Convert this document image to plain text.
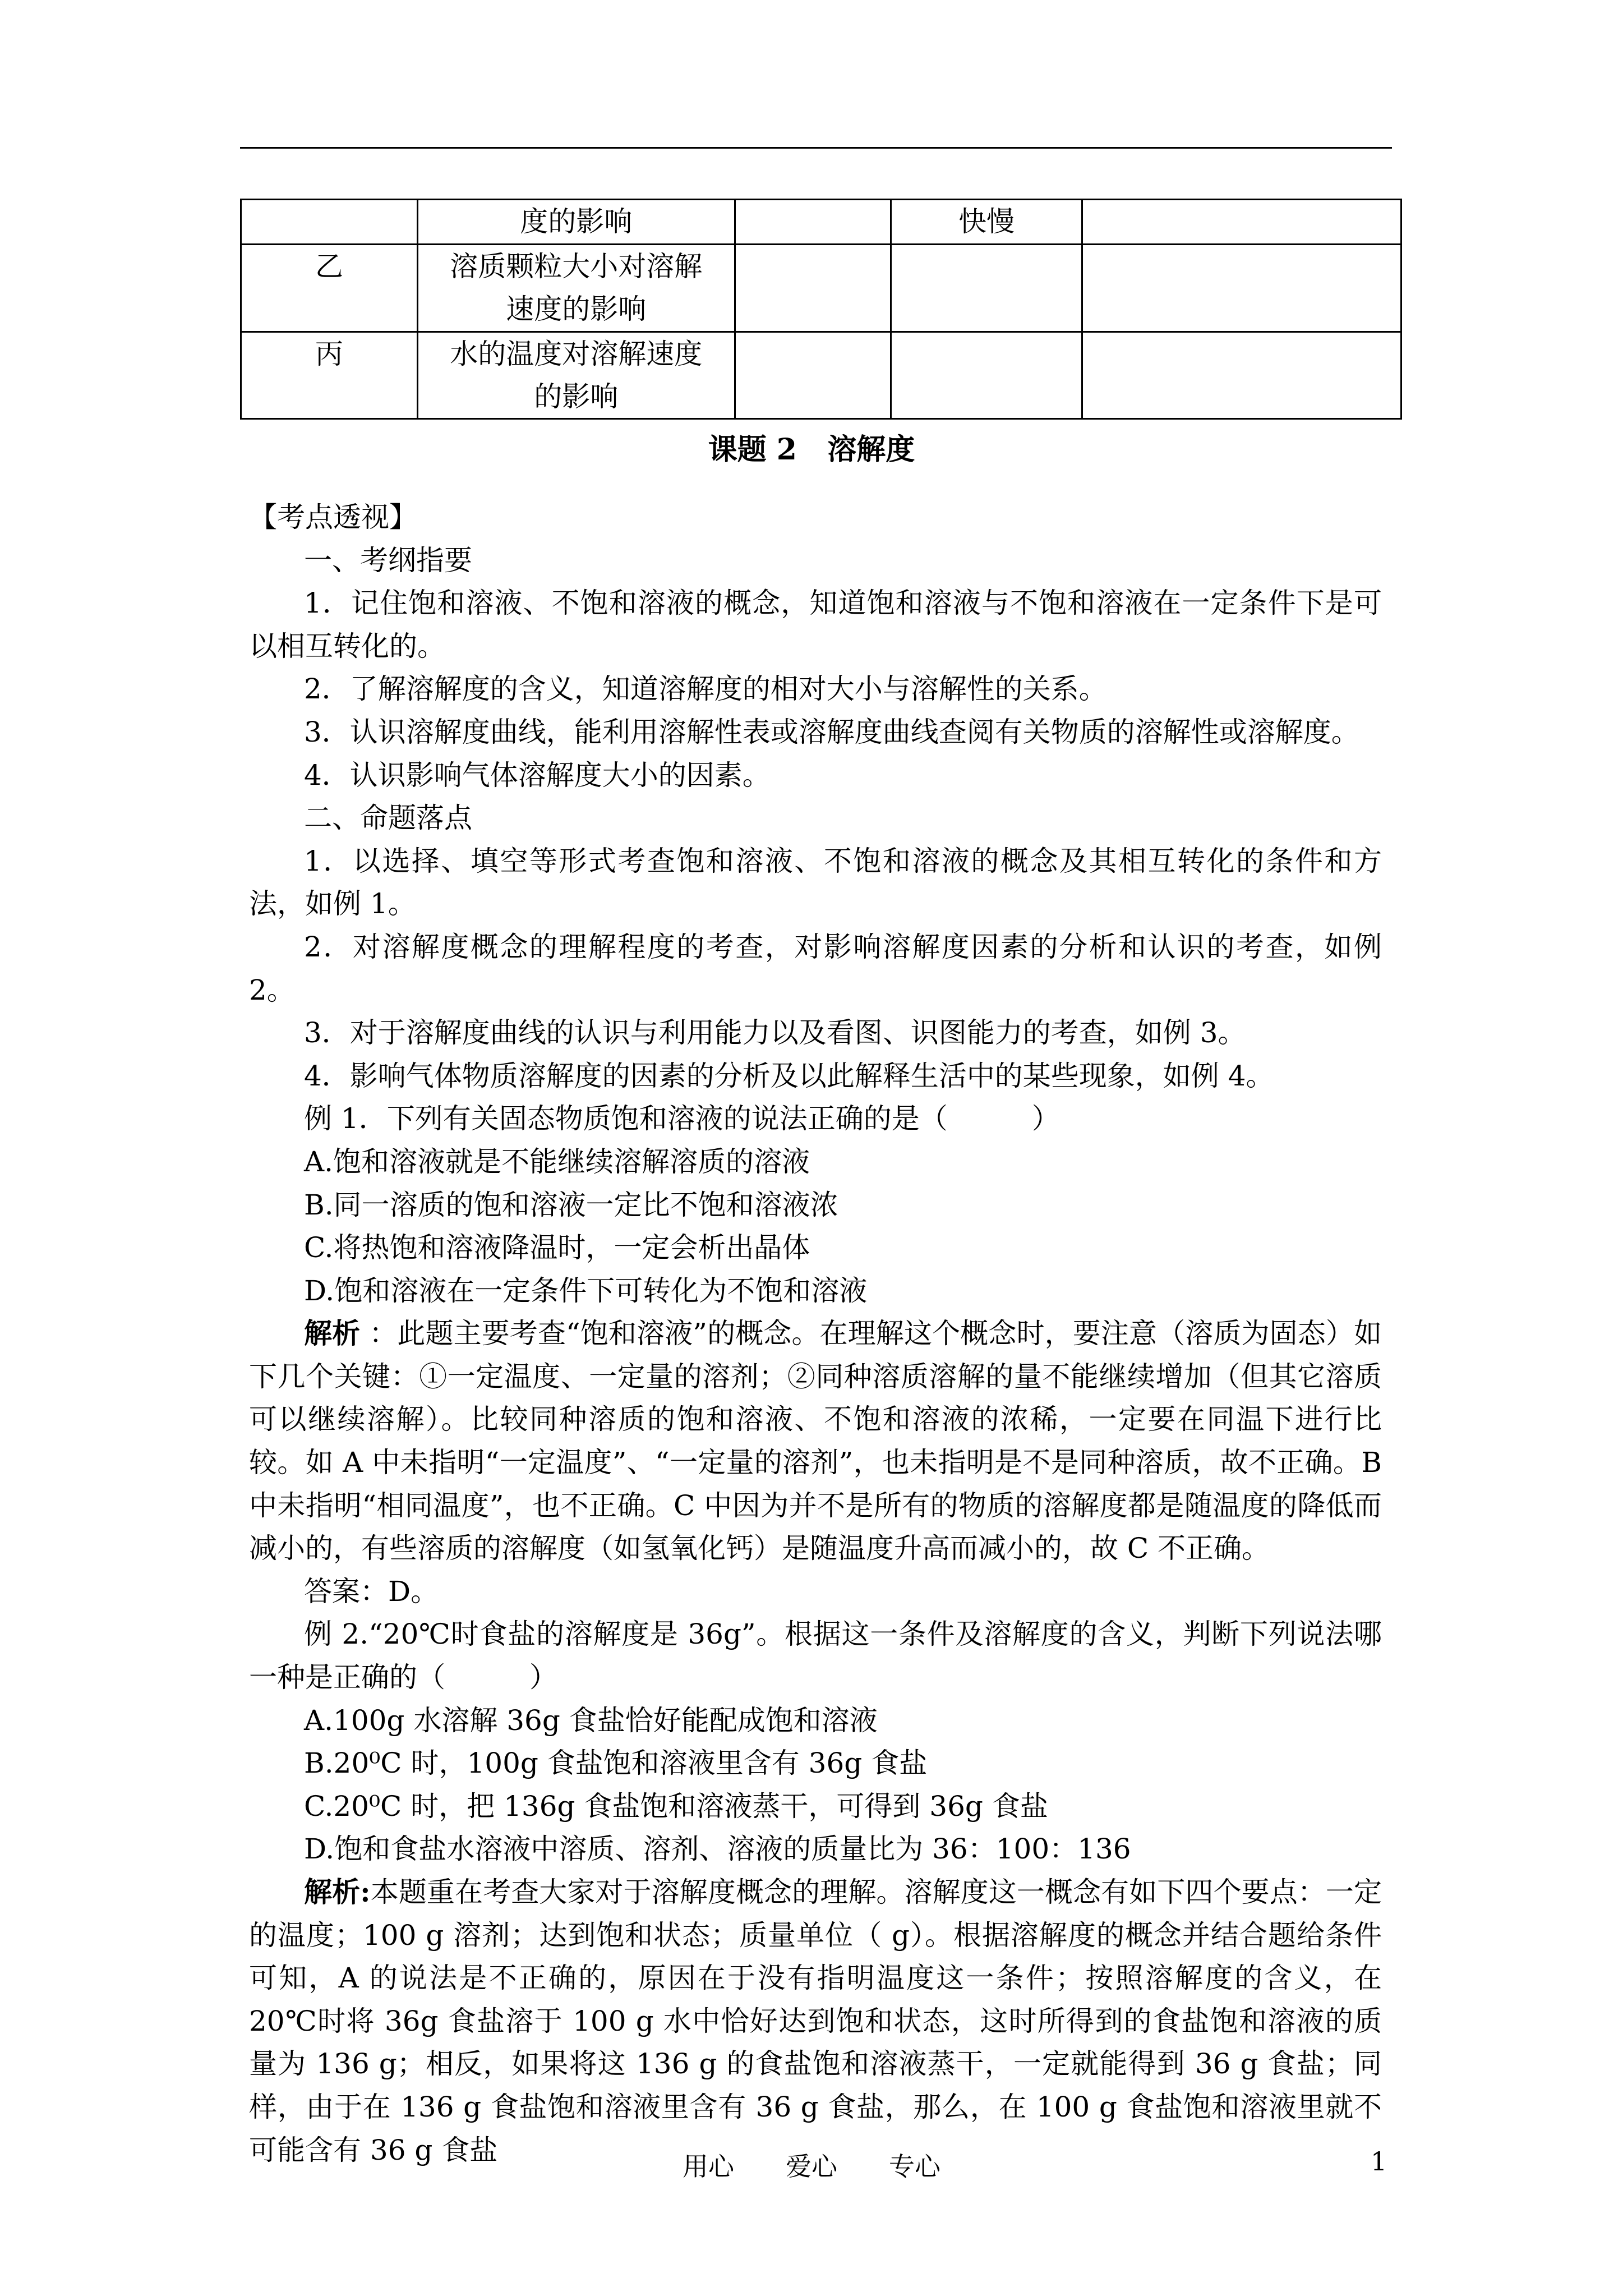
	度的影响		快慢	
乙	溶质颗粒大小对溶解速度的影响			
丙	水的温度对溶解速度的影响			
课题 2   溶解度

【考点透视】

一、考纲指要

1．记住饱和溶液、不饱和溶液的概念，知道饱和溶液与不饱和溶液在一定条件下是可以相互转化的。

2．了解溶解度的含义，知道溶解度的相对大小与溶解性的关系。

3．认识溶解度曲线，能利用溶解性表或溶解度曲线查阅有关物质的溶解性或溶解度。

4．认识影响气体溶解度大小的因素。

二、命题落点

1．以选择、填空等形式考查饱和溶液、不饱和溶液的概念及其相互转化的条件和方法，如例 1。

2．对溶解度概念的理解程度的考查，对影响溶解度因素的分析和认识的考查，如例 2。

3．对于溶解度曲线的认识与利用能力以及看图、识图能力的考查，如例 3。

4．影响气体物质溶解度的因素的分析及以此解释生活中的某些现象，如例 4。

例 1．下列有关固态物质饱和溶液的说法正确的是（　　　）

A.饱和溶液就是不能继续溶解溶质的溶液

B.同一溶质的饱和溶液一定比不饱和溶液浓

C.将热饱和溶液降温时，一定会析出晶体

D.饱和溶液在一定条件下可转化为不饱和溶液

解析 ：此题主要考查“饱和溶液”的概念。在理解这个概念时，要注意（溶质为固态）如下几个关键：①一定温度、一定量的溶剂；②同种溶质溶解的量不能继续增加（但其它溶质可以继续溶解）。比较同种溶质的饱和溶液、不饱和溶液的浓稀，一定要在同温下进行比较。如 A 中未指明“一定温度”、“一定量的溶剂”，也未指明是不是同种溶质，故不正确。B 中未指明“相同温度”，也不正确。C 中因为并不是所有的物质的溶解度都是随温度的降低而减小的，有些溶质的溶解度（如氢氧化钙）是随温度升高而减小的，故 C 不正确。

答案：D。

例 2.“20℃时食盐的溶解度是 36g”。根据这一条件及溶解度的含义，判断下列说法哪一种是正确的（　　　）

A.100g 水溶解 36g 食盐恰好能配成饱和溶液

B.20⁰C 时，100g 食盐饱和溶液里含有 36g 食盐

C.20⁰C 时，把 136g 食盐饱和溶液蒸干，可得到 36g 食盐

D.饱和食盐水溶液中溶质、溶剂、溶液的质量比为 36：100：136

解析:本题重在考查大家对于溶解度概念的理解。溶解度这一概念有如下四个要点：一定的温度；100 g 溶剂；达到饱和状态；质量单位（ g）。根据溶解度的概念并结合题给条件可知，A 的说法是不正确的，原因在于没有指明温度这一条件；按照溶解度的含义，在 20℃时将 36g 食盐溶于 100 g 水中恰好达到饱和状态，这时所得到的食盐饱和溶液的质量为 136 g；相反，如果将这 136 g 的食盐饱和溶液蒸干，一定就能得到 36 g 食盐；同样，由于在 136 g 食盐饱和溶液里含有 36 g 食盐，那么，在 100 g 食盐饱和溶液里就不可能含有 36 g 食盐

用心　　爱心　　专心	1
